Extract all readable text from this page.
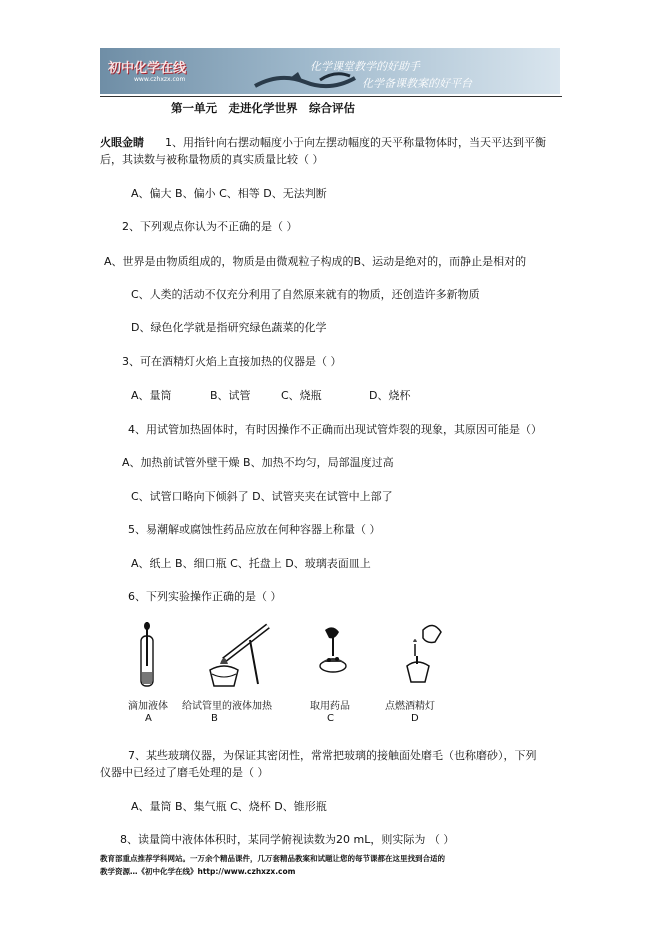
初中化学在线
www.czhxzx.com
化学课堂教学的好助手
化学备课教案的好平台
第一单元　走进化学世界　综合评估
火眼金睛 1、用指针向右摆动幅度小于向左摆动幅度的天平称量物体时，当天平达到平衡
后，其读数与被称量物质的真实质量比较（ ）
A、偏大 B、偏小 C、相等 D、无法判断
2、下列观点你认为不正确的是（ ）
A、世界是由物质组成的，物质是由微观粒子构成的B、运动是绝对的，而静止是相对的
C、人类的活动不仅充分利用了自然原来就有的物质，还创造许多新物质
D、绿色化学就是指研究绿色蔬菜的化学
3、可在酒精灯火焰上直接加热的仪器是（ ）
A、量筒	B、试管	C、烧瓶	D、烧杯
4、用试管加热固体时，有时因操作不正确而出现试管炸裂的现象，其原因可能是（）
A、加热前试管外壁干燥 B、加热不均匀，局部温度过高
C、试管口略向下倾斜了 D、试管夹夹在试管中上部了
5、易潮解或腐蚀性药品应放在何种容器上称量（ ）
A、纸上 B、细口瓶 C、托盘上 D、玻璃表面皿上
6、下列实验操作正确的是（ ）
滴加液体
A
给试管里的液体加热
B
取用药品
C
点燃酒精灯
D
7、某些玻璃仪器，为保证其密闭性，常常把玻璃的接触面处磨毛（也称磨砂），下列
仪器中已经过了磨毛处理的是（ ）
A、量筒 B、集气瓶 C、烧杯 D、锥形瓶
8、读量筒中液体体积时，某同学俯视读数为20 mL，则实际为 （ ）
教育部重点推荐学科网站。一万余个精品课件，几万套精品教案和试题让您的每节课都在这里找到合适的
教学资源…《初中化学在线》http://www.czhxzx.com
